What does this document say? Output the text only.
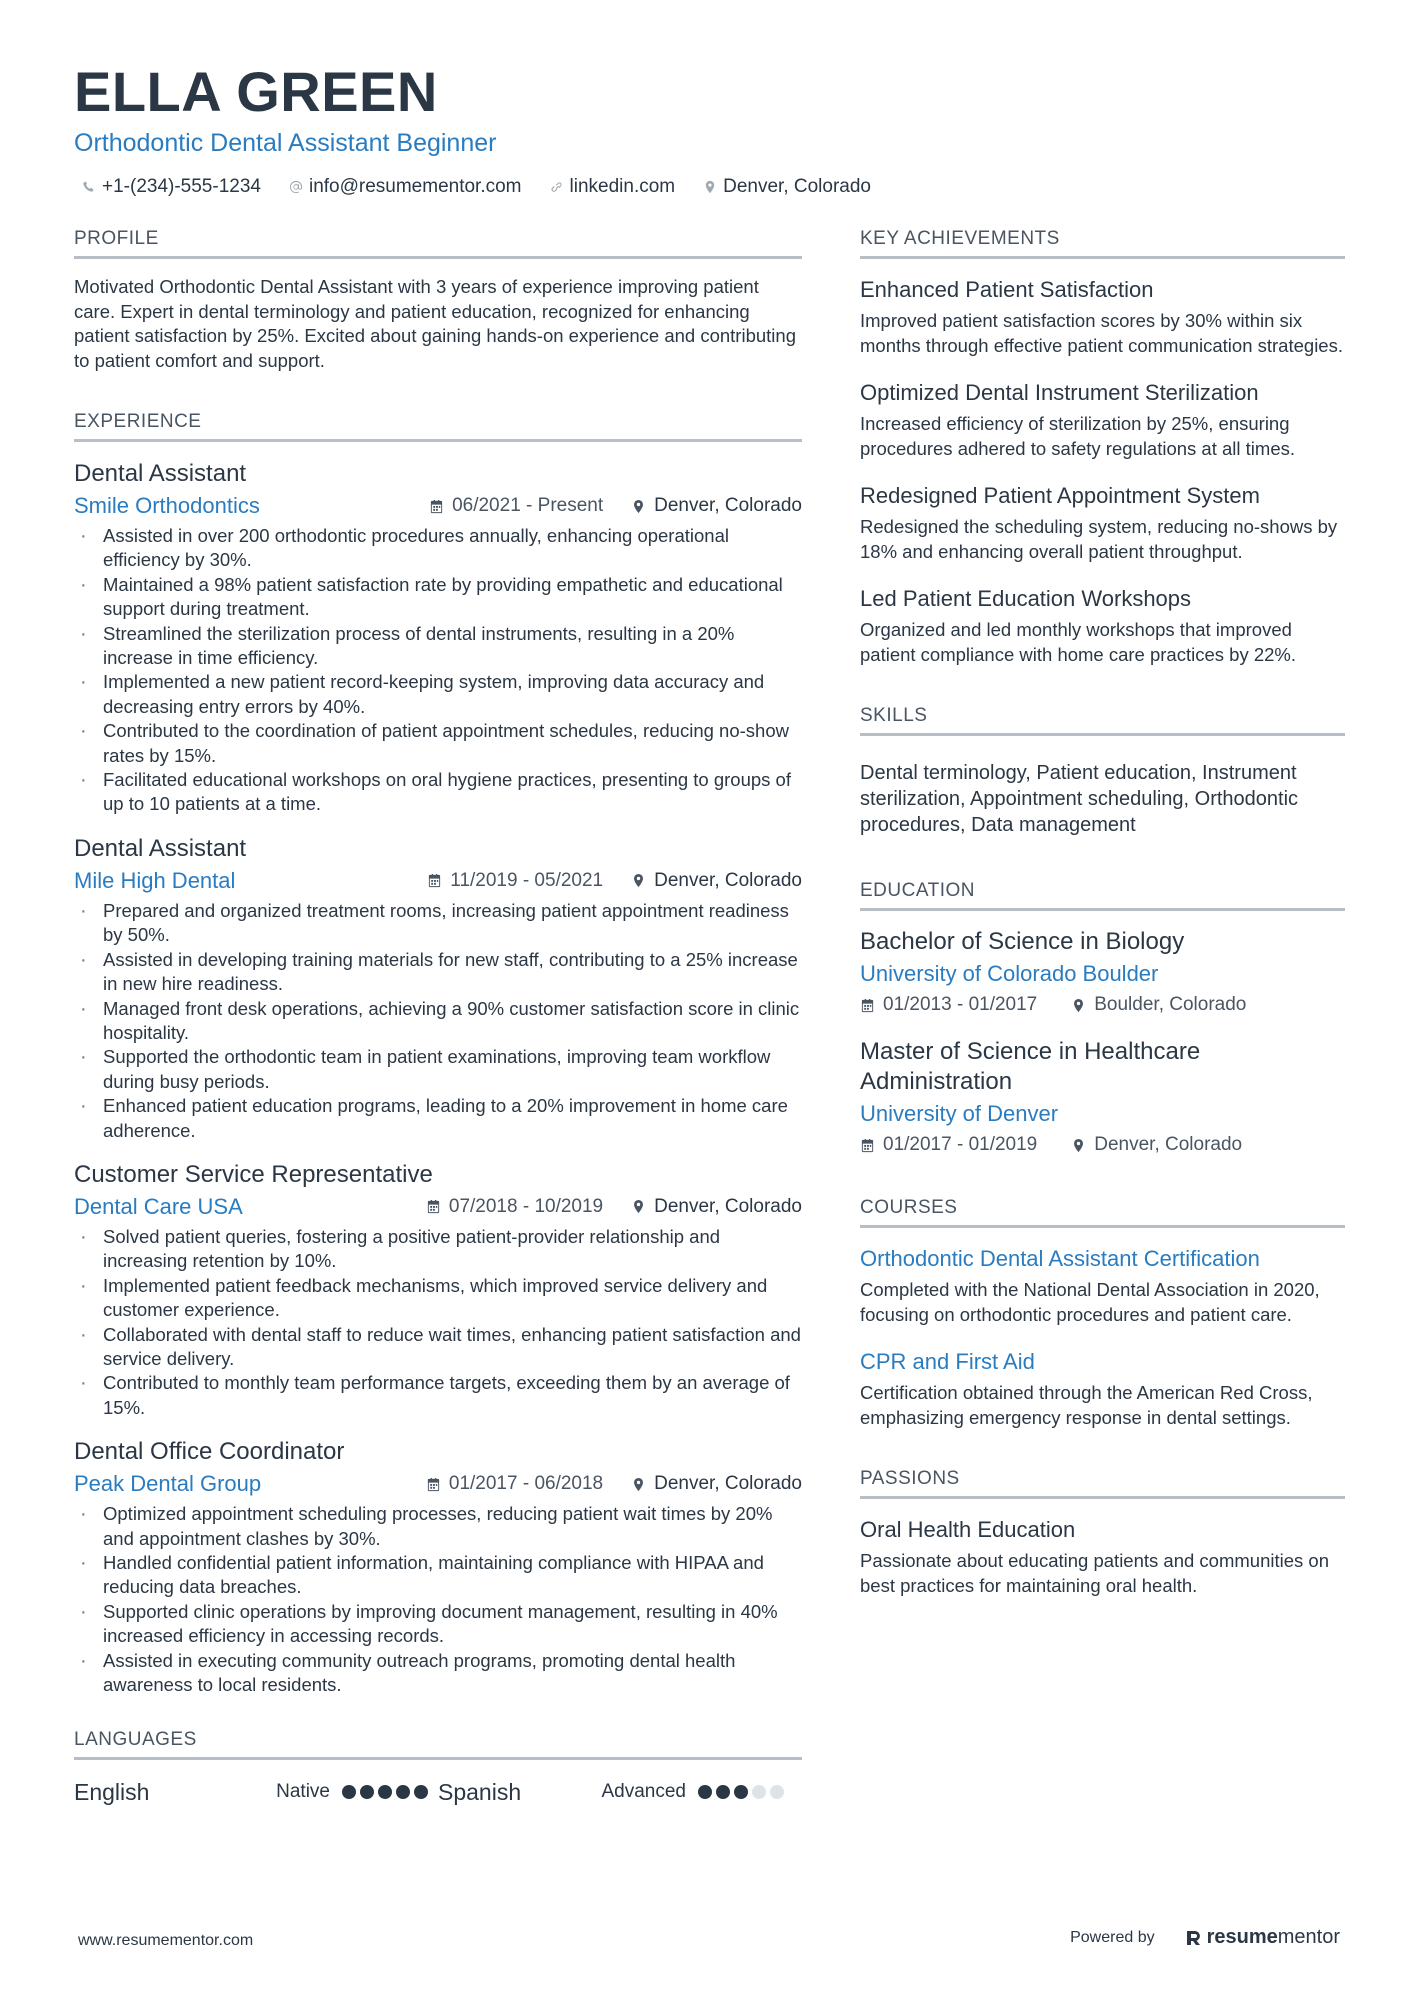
ELLA GREEN
Orthodontic Dental Assistant Beginner
+1-(234)-555-1234	info@resumementor.com	linkedin.com	Denver, Colorado
PROFILE
Motivated Orthodontic Dental Assistant with 3 years of experience improving patient care. Expert in dental terminology and patient education, recognized for enhancing patient satisfaction by 25%. Excited about gaining hands-on experience and contributing to patient comfort and support.
EXPERIENCE
Dental Assistant
Smile Orthodontics	06/2021 - Present	Denver, Colorado
· Assisted in over 200 orthodontic procedures annually, enhancing operational efficiency by 30%.
· Maintained a 98% patient satisfaction rate by providing empathetic and educational support during treatment.
· Streamlined the sterilization process of dental instruments, resulting in a 20% increase in time efficiency.
· Implemented a new patient record-keeping system, improving data accuracy and decreasing entry errors by 40%.
· Contributed to the coordination of patient appointment schedules, reducing no-show rates by 15%.
· Facilitated educational workshops on oral hygiene practices, presenting to groups of up to 10 patients at a time.
Dental Assistant
Mile High Dental	11/2019 - 05/2021	Denver, Colorado
· Prepared and organized treatment rooms, increasing patient appointment readiness by 50%.
· Assisted in developing training materials for new staff, contributing to a 25% increase in new hire readiness.
· Managed front desk operations, achieving a 90% customer satisfaction score in clinic hospitality.
· Supported the orthodontic team in patient examinations, improving team workflow during busy periods.
· Enhanced patient education programs, leading to a 20% improvement in home care adherence.
Customer Service Representative
Dental Care USA	07/2018 - 10/2019	Denver, Colorado
· Solved patient queries, fostering a positive patient-provider relationship and increasing retention by 10%.
· Implemented patient feedback mechanisms, which improved service delivery and customer experience.
· Collaborated with dental staff to reduce wait times, enhancing patient satisfaction and service delivery.
· Contributed to monthly team performance targets, exceeding them by an average of 15%.
Dental Office Coordinator
Peak Dental Group	01/2017 - 06/2018	Denver, Colorado
· Optimized appointment scheduling processes, reducing patient wait times by 20% and appointment clashes by 30%.
· Handled confidential patient information, maintaining compliance with HIPAA and reducing data breaches.
· Supported clinic operations by improving document management, resulting in 40% increased efficiency in accessing records.
· Assisted in executing community outreach programs, promoting dental health awareness to local residents.
LANGUAGES
English	Native	Spanish	Advanced
KEY ACHIEVEMENTS
Enhanced Patient Satisfaction
Improved patient satisfaction scores by 30% within six months through effective patient communication strategies.
Optimized Dental Instrument Sterilization
Increased efficiency of sterilization by 25%, ensuring procedures adhered to safety regulations at all times.
Redesigned Patient Appointment System
Redesigned the scheduling system, reducing no-shows by 18% and enhancing overall patient throughput.
Led Patient Education Workshops
Organized and led monthly workshops that improved patient compliance with home care practices by 22%.
SKILLS
Dental terminology, Patient education, Instrument sterilization, Appointment scheduling, Orthodontic procedures, Data management
EDUCATION
Bachelor of Science in Biology
University of Colorado Boulder
01/2013 - 01/2017	Boulder, Colorado
Master of Science in Healthcare Administration
University of Denver
01/2017 - 01/2019	Denver, Colorado
COURSES
Orthodontic Dental Assistant Certification
Completed with the National Dental Association in 2020, focusing on orthodontic procedures and patient care.
CPR and First Aid
Certification obtained through the American Red Cross, emphasizing emergency response in dental settings.
PASSIONS
Oral Health Education
Passionate about educating patients and communities on best practices for maintaining oral health.
www.resumementor.com	Powered by	resumementor
